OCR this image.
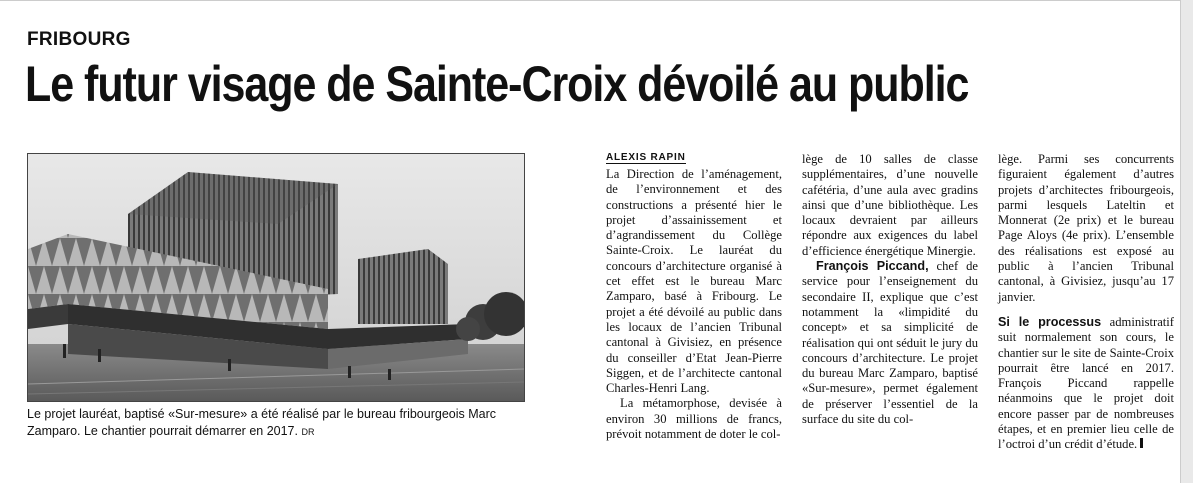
FRIBOURG
Le futur visage de Sainte-Croix dévoilé au public
Le projet lauréat, baptisé «Sur-mesure» a été réalisé par le bureau fribourgeois Marc Zamparo. Le chantier pourrait démarrer en 2017. DR
ALEXIS RAPIN

La Direction de l’aménagement, de l’environnement et des constructions a présenté hier le projet d’assainissement et d’agrandissement du Collège Sainte-Croix. Le lauréat du concours d’architecture organisé à cet effet est le bureau Marc Zamparo, basé à Fribourg. Le projet a été dévoilé au public dans les locaux de l’ancien Tribunal cantonal à Givisiez, en présence du conseiller d’Etat Jean-Pierre Siggen, et de l’architecte cantonal Charles-Henri Lang.

La métamorphose, devisée à environ 30 millions de francs, prévoit notamment de doter le col-

lège de 10 salles de classe supplémentaires, d’une nouvelle cafétéria, d’une aula avec gradins ainsi que d’une bibliothèque. Les locaux devraient par ailleurs répondre aux exigences du label d’efficience énergétique Minergie.

François Piccand, chef de service pour l’enseignement du secondaire II, explique que c’est notamment la «limpidité du concept» et sa simplicité de réalisation qui ont séduit le jury du concours d’architecture. Le projet du bureau Marc Zamparo, baptisé «Sur-mesure», permet également de préserver l’essentiel de la surface du site du col-

lège. Parmi ses concurrents figuraient également d’autres projets d’architectes fribourgeois, parmi lesquels Lateltin et Monnerat (2e prix) et le bureau Page Aloys (4e prix). L’ensemble des réalisations est exposé au public à l’ancien Tribunal cantonal, à Givisiez, jusqu’au 17 janvier.

Si le processus administratif suit normalement son cours, le chantier sur le site de Sainte-Croix pourrait être lancé en 2017. François Piccand rappelle néanmoins que le projet doit encore passer par de nombreuses étapes, et en premier lieu celle de l’octroi d’un crédit d’étude.
